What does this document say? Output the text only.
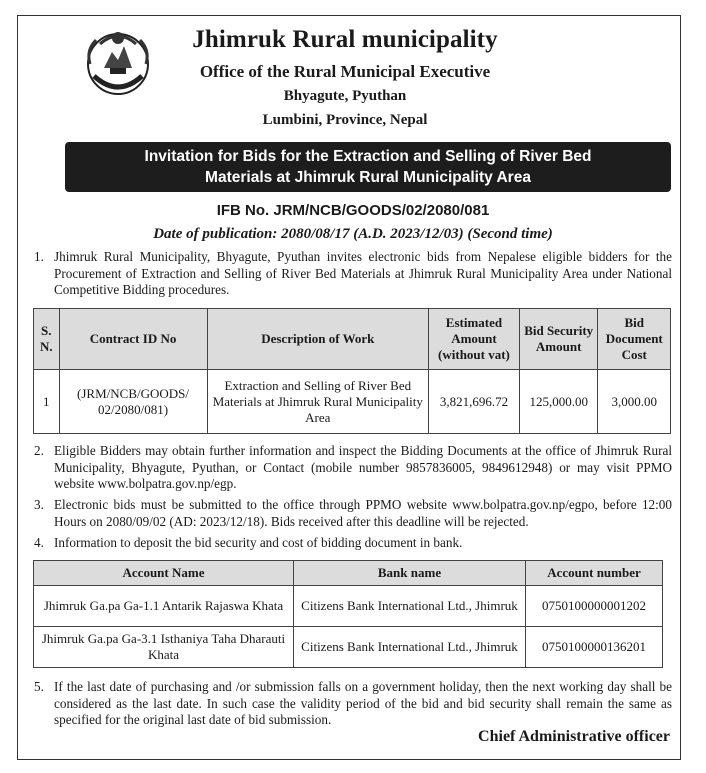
Jhimruk Rural municipality
Office of the Rural Municipal Executive
Bhyagute, Pyuthan
Lumbini, Province, Nepal
Invitation for Bids for the Extraction and Selling of River Bed
Materials at Jhimruk Rural Municipality Area
IFB No. JRM/NCB/GOODS/02/2080/081
Date of publication: 2080/08/17 (A.D. 2023/12/03) (Second time)
1. Jhimruk Rural Municipality, Bhyagute, Pyuthan invites electronic bids from Nepalese eligible bidders for the Procurement of Extraction and Selling of River Bed Materials at Jhimruk Rural Municipality Area under National Competitive Bidding procedures.
S. N.	Contract ID No	Description of Work	Estimated Amount (without vat)	Bid Security Amount	Bid Document Cost
1	(JRM/NCB/GOODS/ 02/2080/081)	Extraction and Selling of River Bed Materials at Jhimruk Rural Municipality Area	3,821,696.72	125,000.00	3,000.00
2. Eligible Bidders may obtain further information and inspect the Bidding Documents at the office of Jhimruk Rural Municipality, Bhyagute, Pyuthan, or Contact (mobile number 9857836005, 9849612948) or may visit PPMO website www.bolpatra.gov.np/egp.
3. Electronic bids must be submitted to the office through PPMO website www.bolpatra.gov.np/egpo, before 12:00 Hours on 2080/09/02 (AD: 2023/12/18). Bids received after this deadline will be rejected.
4. Information to deposit the bid security and cost of bidding document in bank.
Account Name	Bank name	Account number
Jhimruk Ga.pa Ga-1.1 Antarik Rajaswa Khata	Citizens Bank International Ltd., Jhimruk	0750100000001202
Jhimruk Ga.pa Ga-3.1 Isthaniya Taha Dharauti Khata	Citizens Bank International Ltd., Jhimruk	0750100000136201
5. If the last date of purchasing and /or submission falls on a government holiday, then the next working day shall be considered as the last date. In such case the validity period of the bid and bid security shall remain the same as specified for the original last date of bid submission.
Chief Administrative officer
